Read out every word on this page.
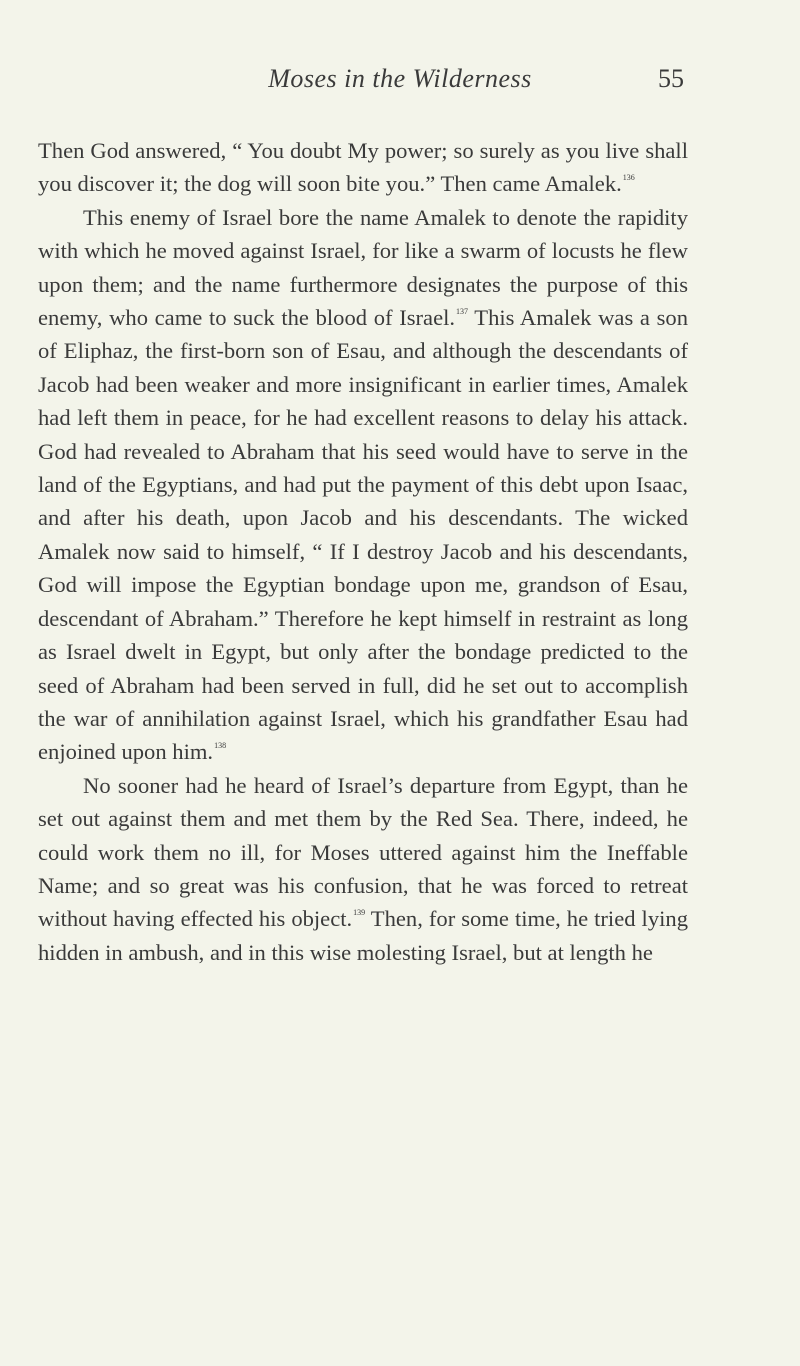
Moses in the Wilderness	55

Then God answered, “ You doubt My power; so surely as you live shall you discover it; the dog will soon bite you.” Then came Amalek.$^{136}$

This enemy of Israel bore the name Amalek to denote the rapidity with which he moved against Israel, for like a swarm of locusts he flew upon them; and the name furthermore designates the purpose of this enemy, who came to suck the blood of Israel.$^{137}$ This Amalek was a son of Eliphaz, the first-born son of Esau, and although the descendants of Jacob had been weaker and more insignificant in earlier times, Amalek had left them in peace, for he had excellent reasons to delay his attack. God had revealed to Abraham that his seed would have to serve in the land of the Egyptians, and had put the payment of this debt upon Isaac, and after his death, upon Jacob and his descendants. The wicked Amalek now said to himself, “ If I destroy Jacob and his descendants, God will impose the Egyptian bondage upon me, grandson of Esau, descendant of Abraham.” Therefore he kept himself in restraint as long as Israel dwelt in Egypt, but only after the bondage predicted to the seed of Abraham had been served in full, did he set out to accomplish the war of annihilation against Israel, which his grandfather Esau had enjoined upon him.$^{138}$

No sooner had he heard of Israel’s departure from Egypt, than he set out against them and met them by the Red Sea. There, indeed, he could work them no ill, for Moses uttered against him the Ineffable Name; and so great was his confusion, that he was forced to retreat without having effected his object.$^{139}$ Then, for some time, he tried lying hidden in ambush, and in this wise molesting Israel, but at length he
